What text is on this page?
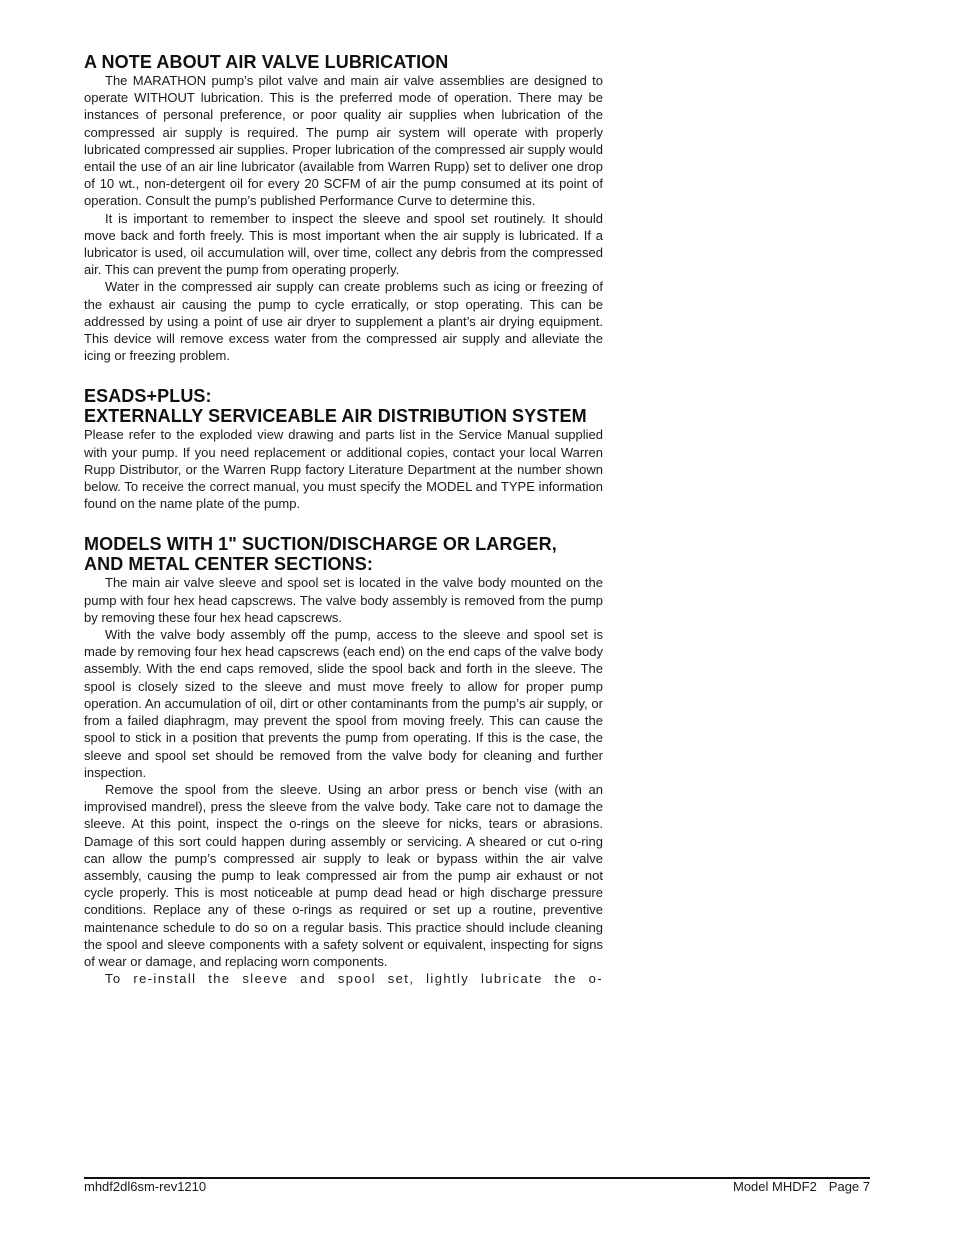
A NOTE ABOUT AIR VALVE LUBRICATION

The MARATHON pump’s pilot valve and main air valve assemblies are designed to operate WITHOUT lubrication. This is the preferred mode of operation. There may be instances of personal preference, or poor quality air supplies when lubrication of the compressed air supply is required. The pump air system will operate with properly lubricated compressed air supplies. Proper lubrication of the compressed air supply would entail the use of an air line lubricator (available from Warren Rupp) set to deliver one drop of 10 wt., non-detergent oil for every 20 SCFM of air the pump consumed at its point of operation. Consult the pump’s published Performance Curve to determine this.

It is important to remember to inspect the sleeve and spool set routinely. It should move back and forth freely. This is most important when the air supply is lubricated. If a lubricator is used, oil accumulation will, over time, collect any debris from the compressed air. This can prevent the pump from operating properly.

Water in the compressed air supply can create problems such as icing or freezing of the exhaust air causing the pump to cycle erratically, or stop operating. This can be addressed by using a point of use air dryer to supplement a plant’s air drying equipment. This device will remove excess water from the compressed air supply and alleviate the icing or freezing problem.

ESADS+PLUS:
EXTERNALLY SERVICEABLE AIR DISTRIBUTION SYSTEM

Please refer to the exploded view drawing and parts list in the Service Manual supplied with your pump. If you need replacement or additional copies, contact your local Warren Rupp Distributor, or the Warren Rupp factory Literature Department at the number shown below. To receive the correct manual, you must specify the MODEL and TYPE information found on the name plate of the pump.

MODELS WITH 1" SUCTION/DISCHARGE OR LARGER,
AND METAL CENTER SECTIONS:

The main air valve sleeve and spool set is located in the valve body mounted on the pump with four hex head capscrews. The valve body assembly is removed from the pump by removing these four hex head capscrews.

With the valve body assembly off the pump, access to the sleeve and spool set is made by removing four hex head capscrews (each end) on the end caps of the valve body assembly. With the end caps removed, slide the spool back and forth in the sleeve. The spool is closely sized to the sleeve and must move freely to allow for proper pump operation. An accumulation of oil, dirt or other contaminants from the pump’s air supply, or from a failed diaphragm, may prevent the spool from moving freely. This can cause the spool to stick in a position that prevents the pump from operating. If this is the case, the sleeve and spool set should be removed from the valve body for cleaning and further inspection.

Remove the spool from the sleeve. Using an arbor press or bench vise (with an improvised mandrel), press the sleeve from the valve body. Take care not to damage the sleeve. At this point, inspect the o-rings on the sleeve for nicks, tears or abrasions. Damage of this sort could happen during assembly or servicing. A sheared or cut o-ring can allow the pump’s compressed air supply to leak or bypass within the air valve assembly, causing the pump to leak compressed air from the pump air exhaust or not cycle properly. This is most noticeable at pump dead head or high discharge pressure conditions. Replace any of these o-rings as required or set up a routine, preventive maintenance schedule to do so on a regular basis. This practice should include cleaning the spool and sleeve components with a safety solvent or equivalent, inspecting for signs of wear or damage, and replacing worn components.

To re-install the sleeve and spool set, lightly lubricate the o-

mhdf2dl6sm-rev1210	Model MHDF2 Page 7
